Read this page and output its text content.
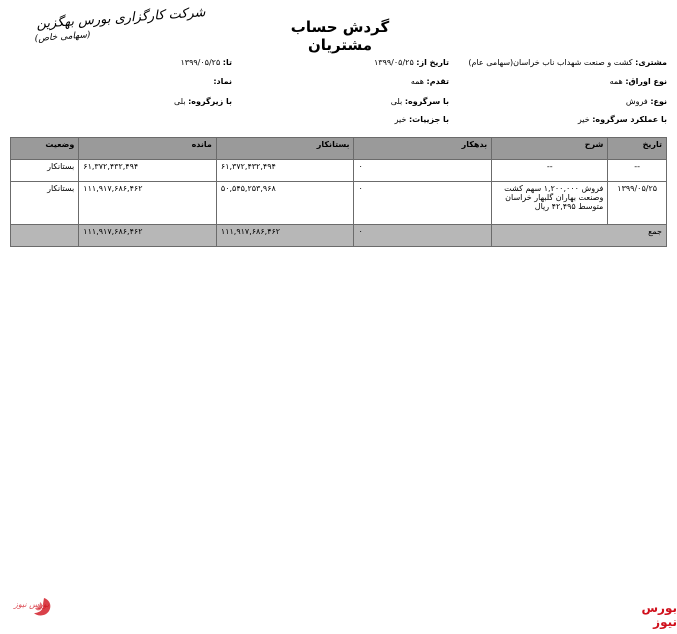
شرکت کارگزاری بورس بهگزین
(سهامی خاص)
گردش حساب مشتریان
مشتری: کشت و صنعت شهداب ناب خراسان(سهامی عام)
نوع اوراق: همه
نوع: فروش
با عملکرد سرگروه: خیر
تاریخ از: ۱۳۹۹/۰۵/۲۵
تقدم: همه
با سرگروه: بلی
با جزییات: خیر
تا: ۱۳۹۹/۰۵/۲۵
نماد:
با زیرگروه: بلی
تاریخ	شرح	بدهکار	بستانکار	مانده	وضعیت
--	--	۰	۶۱,۳۷۲,۴۳۲,۴۹۴	۶۱,۳۷۲,۴۳۲,۴۹۴	بستانکار
۱۳۹۹/۰۵/۲۵	فروش ۱,۲۰۰,۰۰۰ سهم کشت وصنعت بهاران گلبهار خراسان متوسط ۴۲,۴۹۵ ریال	۰	۵۰,۵۴۵,۲۵۳,۹۶۸	۱۱۱,۹۱۷,۶۸۶,۴۶۲	بستانکار
جمع		۰	۱۱۱,۹۱۷,۶۸۶,۴۶۲	۱۱۱,۹۱۷,۶۸۶,۴۶۲	
بورس نیوز	بورس نیوز
